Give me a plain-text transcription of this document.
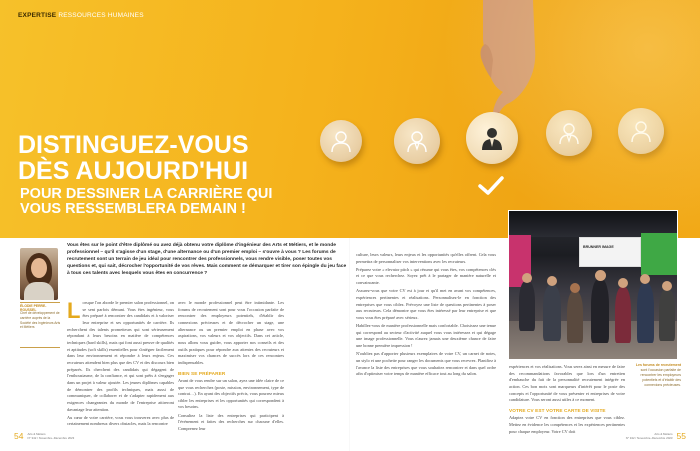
EXPERTISE RESSOURCES HUMAINES
DISTINGUEZ-VOUS
DÈS AUJOURD'HUI
POUR DESSINER LA CARRIÈRE QUI
VOUS RESSEMBLERA DEMAIN !
ÉLODIE PERRE-ROUSSEL
Chef de développement de carrière auprès de la Société des Ingénieurs Arts et Métiers
Vous êtes sur le point d'être diplômé ou avez déjà obtenu votre diplôme d'ingénieur des Arts et Métiers, et le monde professionnel – qu'il s'agisse d'un stage, d'une alternance ou d'un premier emploi – s'ouvre à vous ? Les forums de recrutement sont un terrain de jeu idéal pour rencontrer des professionnels, vous rendre visible, poser toutes vos questions et, qui sait, décrocher l'opportunité de vos rêves. Mais comment se démarquer et tirer son épingle du jeu face à tous ces talents avec lesquels vous êtes en concurrence ?
L orsque l'on aborde le premier salon professionnel, on se sent parfois démuni. Vous êtes ingénieur, vous êtes préparé à rencontrer des candidats et à valoriser leur entreprise et ses opportunités de carrière. Ils recherchent des talents prometteurs qui sont sérieusement répondant à leurs besoins en matière de compétences techniques (hard skills), mais qui font aussi preuve de qualités et aptitudes (soft skills) essentielles pour s'intégrer facilement dans leur environnement et répondre à leurs enjeux. Ces recruteurs attendent bien plus que des CV et des discours bien préparés. Ils cherchent des candidats qui dégagent de l'enthousiasme, de la confiance, et qui sont prêts à s'engager dans un projet à valeur ajoutée. Les jeunes diplômes capables de démontrer des profils techniques, mais aussi de communiquer, de collaborer et de s'adapter rapidement aux exigences changeantes du monde de l'entreprise attireront davantage leur attention.

Au cœur de votre carrière, vous vous trouverez avec plus de certainement nombreux divers obstacles, mais la rencontre

avec le monde professionnel peut être intimidante. Les forums de recrutement sont pour vous l'occasion parfaite de rencontrer des employeurs potentiels, d'établir des connexions précieuses et de décrocher un stage, une alternance ou un premier emploi en phase avec vos aspirations, vos valeurs et vos objectifs. Dans cet article, nous allons vous guider, vous apporter nos conseils et des outils pratiques pour répondre aux attentes des recruteurs et maximiser vos chances de succès lors de ces rencontres indispensables.

BIEN SE PRÉPARER

Avant de vous rendre sur un salon, ayez une idée claire de ce que vous recherchez (poste, mission, environnement, type de contrat…). En ayant des objectifs précis, vous pourrez mieux cibler les entreprises et les opportunités qui correspondent à vos besoins.

Consultez la liste des entreprises qui participent à l'événement et faites des recherches sur chacune d'elles. Comprenez leur

culture, leurs valeurs, leurs enjeux et les opportunités qu'elles offrent. Cela vous permettra de personnaliser vos interventions avec les recruteurs.

Préparez votre « elevator pitch » qui résume qui vous êtes, vos compétences clés et ce que vous recherchez. Soyez prêt à le partager de manière naturelle et convaincante.

Assurez-vous que votre CV est à jour et qu'il met en avant vos compétences, expériences pertinentes et réalisations. Personnalisez-le en fonction des entreprises que vous ciblez. Prévoyez une liste de questions pertinentes à poser aux recruteurs. Cela démontre que vous êtes intéressé par leur entreprise et que vous vous êtes préparé avec sérieux.

Habillez-vous de manière professionnelle mais confortable. Choisissez une tenue qui correspond au secteur d'activité auquel vous vous intéressez et qui dégage une image professionnelle. Vous n'aurez jamais une deuxième chance de faire une bonne première impression !

N'oubliez pas d'apporter plusieurs exemplaires de votre CV, un carnet de notes, un stylo et une pochette pour ranger les documents que vous recevrez. Planifiez à l'avance la liste des entreprises que vous souhaitez rencontrer et dans quel ordre afin d'optimiser votre temps de manière efficace tout au long du salon.

BRUNNER IMAGE

expériences et vos réalisations. Vous serez ainsi en mesure de faire des recommandations favorables que lors d'un entretien d'embauche du fait de la personnalité recrutement intégrée en action. Ces bon mots sont marqueurs d'intérêt pour le poste des concepts et l'opportunité de vous présenter et entreprises de votre candidature. Vous seront aussi utiles à ce moment.

VOTRE CV EST VOTRE CARTE DE VISITE

Adaptez votre CV en fonction des entreprises que vous ciblez. Mettez en évidence les compétences et les expériences pertinentes pour chaque employeur. Votre CV doit

Les forums de recrutement sont l'occasion parfaite de rencontrer les employeurs potentiels et d'établir des connexions précieuses.
54 Arts & Métiers
N° 342 / Novembre–Décembre 2023
Arts & Métiers
N° 342 / Novembre–Décembre 2023 55
